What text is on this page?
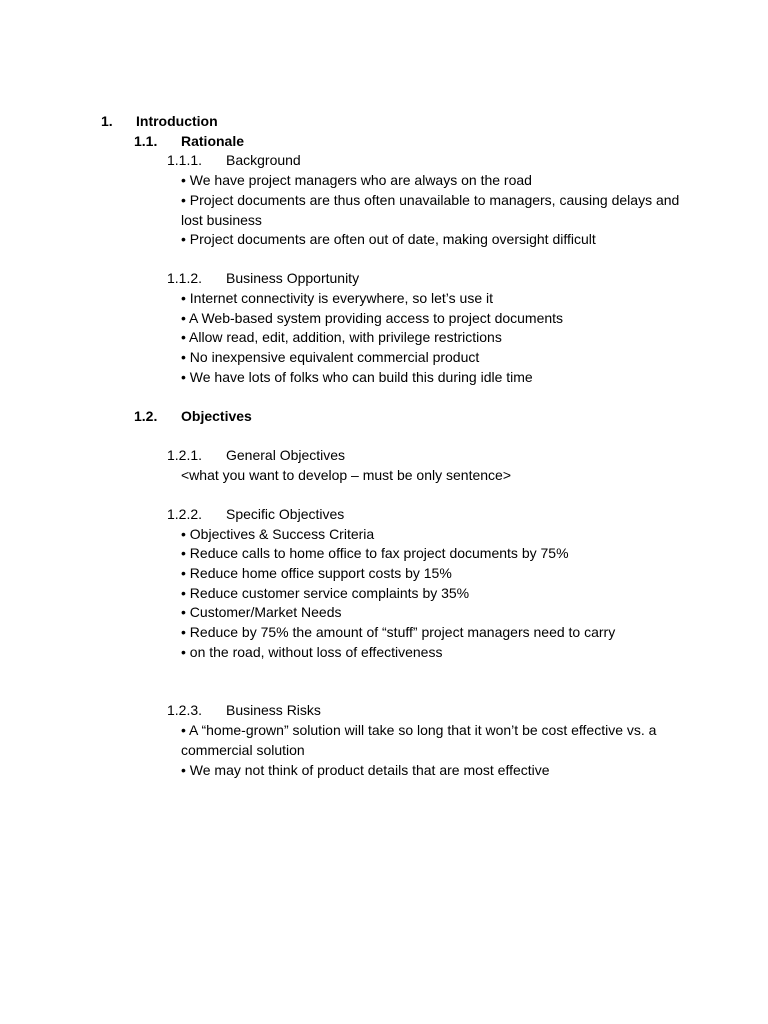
1. Introduction
1.1. Rationale
1.1.1. Background
• We have project managers who are always on the road
• Project documents are thus often unavailable to managers, causing delays and lost business
• Project documents are often out of date, making oversight difficult
1.1.2. Business Opportunity
• Internet connectivity is everywhere, so let’s use it
• A Web-based system providing access to project documents
• Allow read, edit, addition, with privilege restrictions
• No inexpensive equivalent commercial product
• We have lots of folks who can build this during idle time
1.2. Objectives
1.2.1. General Objectives
<what you want to develop – must be only sentence>
1.2.2. Specific Objectives
• Objectives & Success Criteria
• Reduce calls to home office to fax project documents by 75%
• Reduce home office support costs by 15%
• Reduce customer service complaints by 35%
• Customer/Market Needs
• Reduce by 75% the amount of “stuff” project managers need to carry
• on the road, without loss of effectiveness
1.2.3. Business Risks
• A “home-grown” solution will take so long that it won’t be cost effective vs. a commercial solution
• We may not think of product details that are most effective
